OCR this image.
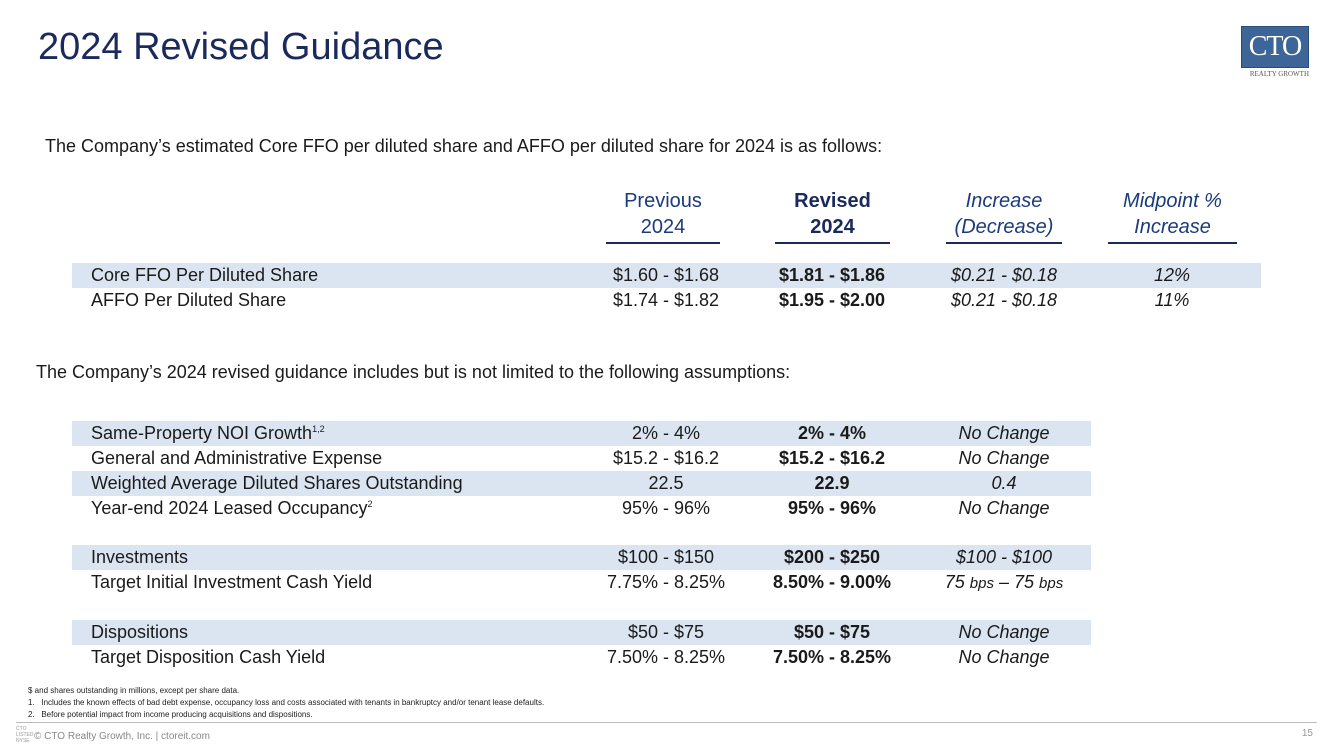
2024 Revised Guidance	CTO
REALTY GROWTH
The Company’s estimated Core FFO per diluted share and AFFO per diluted share for 2024 is as follows:
Previous
2024
Revised
2024
Increase
(Decrease)
Midpoint %
Increase
Core FFO Per Diluted Share	$1.60 - $1.68	$1.81 - $1.86	$0.21 - $0.18	12%
AFFO Per Diluted Share	$1.74 - $1.82	$1.95 - $2.00	$0.21 - $0.18	11%
The Company’s 2024 revised guidance includes but is not limited to the following assumptions:
Same-Property NOI Growth$^{1,2}$	2% - 4%	2% - 4%	No Change
General and Administrative Expense	$15.2 - $16.2	$15.2 - $16.2	No Change
Weighted Average Diluted Shares Outstanding	22.5	22.9	0.4
Year-end 2024 Leased Occupancy$^2$	95% - 96%	95% - 96%	No Change
Investments	$100 - $150	$200 - $250	$100 - $100
Target Initial Investment Cash Yield	7.75% - 8.25%	8.50% - 9.00%	75 bps – 75 bps
Dispositions	$50 - $75	$50 - $75	No Change
Target Disposition Cash Yield	7.50% - 8.25%	7.50% - 8.25%	No Change
$ and shares outstanding in millions, except per share data.
1.   Includes the known effects of bad debt expense, occupancy loss and costs associated with tenants in bankruptcy and/or tenant lease defaults.
2.   Before potential impact from income producing acquisitions and dispositions.
CTO
LISTED
NYSE © CTO Realty Growth, Inc. | ctoreit.com	15
